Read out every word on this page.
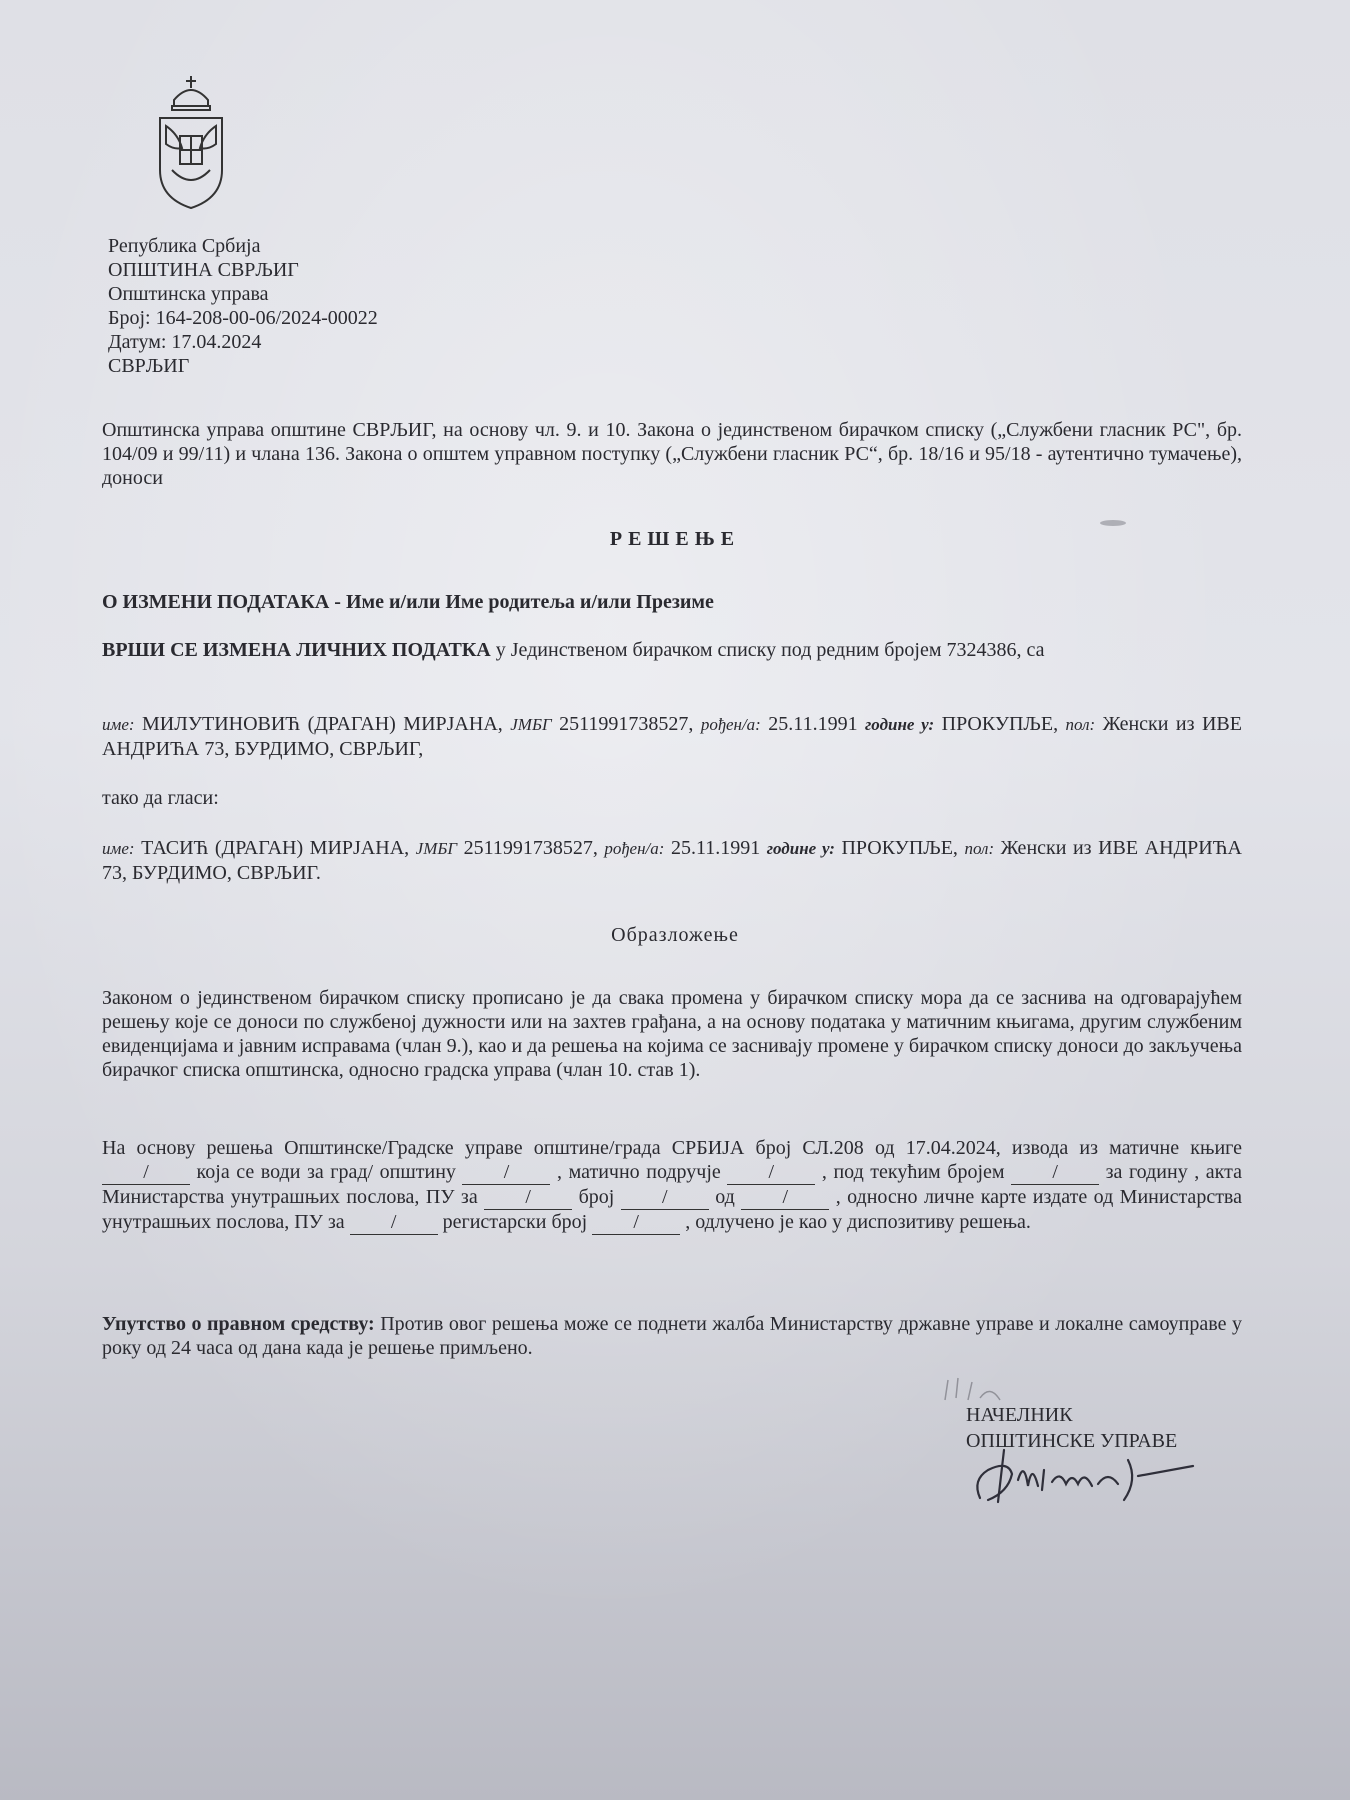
Република Србија
ОПШТИНА СВРЉИГ
Општинска управа
Број: 164-208-00-06/2024-00022
Датум: 17.04.2024
СВРЉИГ
Општинска управа општине СВРЉИГ, на основу чл. 9. и 10. Закона о јединственом бирачком списку („Службени гласник РС", бр. 104/09 и 99/11) и члана 136. Закона о општем управном поступку („Службени гласник РС“, бр. 18/16 и 95/18 - аутентично тумачење), доноси
РЕШЕЊЕ
О ИЗМЕНИ ПОДАТАКА - Име и/или Име родитеља и/или Презиме
ВРШИ СЕ ИЗМЕНА ЛИЧНИХ ПОДАТКА у Јединственом бирачком списку под редним бројем 7324386, са
име: МИЛУТИНОВИЋ (ДРАГАН) МИРЈАНА, ЈМБГ 2511991738527, рођен/а: 25.11.1991 године у: ПРОКУПЉЕ, пол: Женски из ИВЕ АНДРИЋА 73, БУРДИМО, СВРЉИГ,
тако да гласи:
име: ТАСИЋ (ДРАГАН) МИРЈАНА, ЈМБГ 2511991738527, рођен/а: 25.11.1991 године у: ПРОКУПЉЕ, пол: Женски из ИВЕ АНДРИЋА 73, БУРДИМО, СВРЉИГ.
Образложење
Законом о јединственом бирачком списку прописано је да свака промена у бирачком списку мора да се заснива на одговарајућем решењу које се доноси по службеној дужности или на захтев грађана, а на основу података у матичним књигама, другим службеним евиденцијама и јавним исправама (члан 9.), као и да решења на којима се заснивају промене у бирачком списку доноси до закључења бирачког списка општинска, односно градска управа (члан 10. став 1).
На основу решења Општинске/Градске управе општине/града СРБИЈА број СЛ.208 од 17.04.2024, извода из матичне књиге / која се води за град/ општину / , матично подручје / , под текућим бројем / за годину , акта Министарства унутрашњих послова, ПУ за / број / од / , односно личне карте издате од Министарства унутрашњих послова, ПУ за / регистарски број / , одлучено је као у диспозитиву решења.
Упутство о правном средству: Против овог решења може се поднети жалба Министарству државне управе и локалне самоуправе у року од 24 часа од дана када је решење примљено.
НАЧЕЛНИК
ОПШТИНСКЕ УПРАВЕ
